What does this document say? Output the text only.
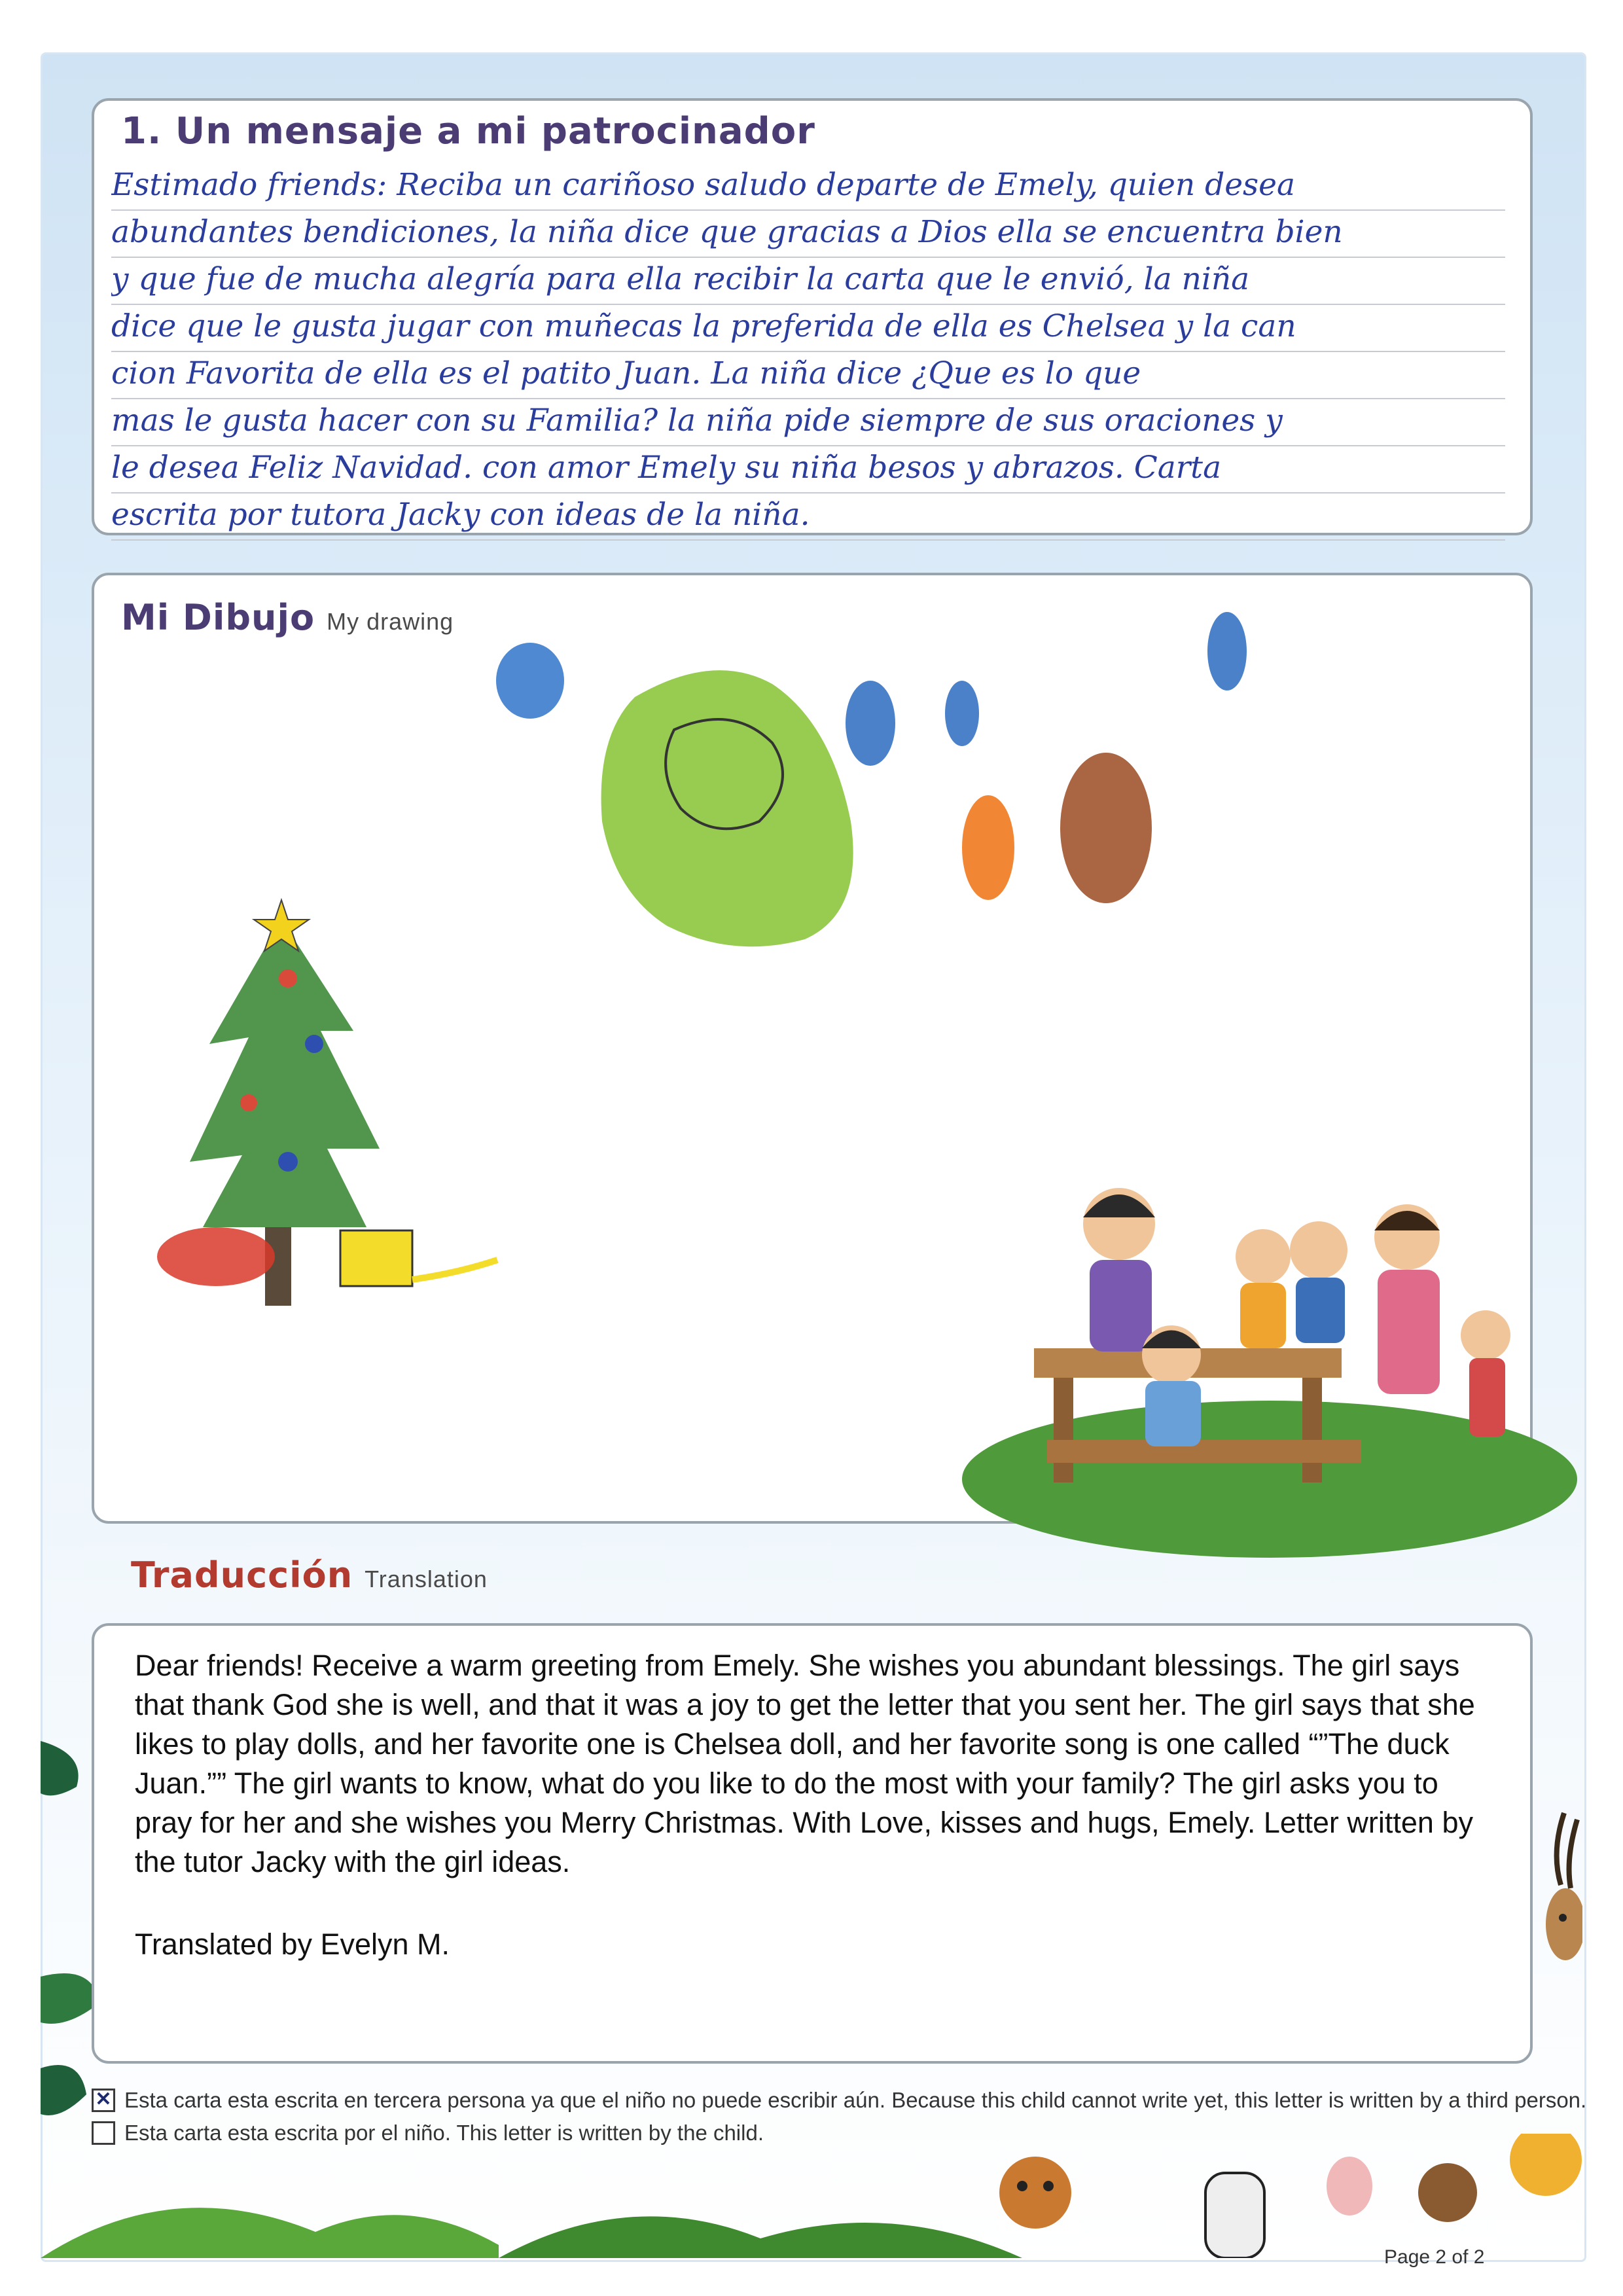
1. Un mensaje a mi patrocinador
Estimado friends: Reciba un cariñoso saludo departe de Emely, quien desea
abundantes bendiciones, la niña dice que gracias a Dios ella se encuentra bien
y que fue de mucha alegría para ella recibir la carta que le envió, la niña
dice que le gusta jugar con muñecas la preferida de ella es Chelsea y la can
cion Favorita de ella es el patito Juan. La niña dice ¿Que es lo que
mas le gusta hacer con su Familia? la niña pide siempre de sus oraciones y
le desea Feliz Navidad. con amor Emely su niña besos y abrazos. Carta
escrita por tutora Jacky con ideas de la niña.
Mi Dibujo My drawing
Traducción Translation
Dear friends! Receive a warm greeting from Emely. She wishes you abundant blessings. The girl says that thank God she is well, and that it was a joy to get the letter that you sent her. The girl says that she likes to play dolls, and her favorite one is Chelsea doll, and her favorite song is one called “”The duck Juan.”” The girl wants to know, what do you like to do the most with your family? The girl asks you to pray for her and she wishes you Merry Christmas. With Love, kisses and hugs, Emely. Letter written by the tutor Jacky with the girl ideas.
Translated by Evelyn M.
✕ Esta carta esta escrita en tercera persona ya que el niño no puede escribir aún. Because this child cannot write yet, this letter is written by a third person.
Esta carta esta escrita por el niño. This letter is written by the child.
Page 2 of 2
